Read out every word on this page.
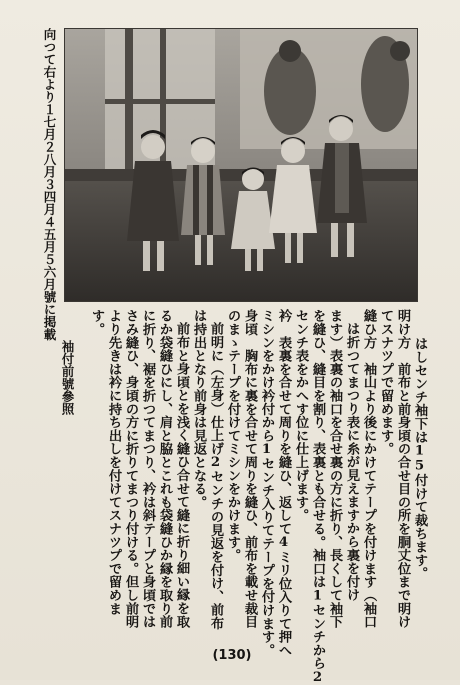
向つて右より１七月２八月３四月４五月５六月號に掲載
はしセンチ袖下は15付けて裁ちます。
明け方　前布と前身頃の合せ目の所を胴丈位まで明け
てスナツプで留めます。
縫ひ方　袖山より後にかけてテープを付けます（袖口
は折つてまつり表に糸が見えますから裏を付け
ます）表裏の袖口を合せ裏の方に折り、長くして袖下
を縫ひ、縫目を割り、表裏とも合せる。袖口は1センチから2
センチ表をかへす位に仕上げます。
衿　表裏を合せて周りを縫ひ、返して4ミリ位入りて押へ
ミシンをかけ衿付から1センチ入りてテープを付けます。
身頃　胸布に裏を合せて周りを縫ひ、前布を載せ裁目
のまゝテープを付けてミシンをかけます。
前明に（左身）仕上げ2センチの見返を付け、前布
は持出となり前身は見返となる。
前布と身頃とを浅く縫ひ合せて縫に折り細い縁を取
るか袋縫ひにし、肩と脇とこれも袋縫ひか縁を取り前
に折り、裾を折つてまつり、衿は斜テープと身頃では
さみ縫ひ、身頃の方に折りてまつり付ける。但し前明
より先きは衿に持ち出しを付けてスナツプで留めま
す。
袖付前號參照
(130)
